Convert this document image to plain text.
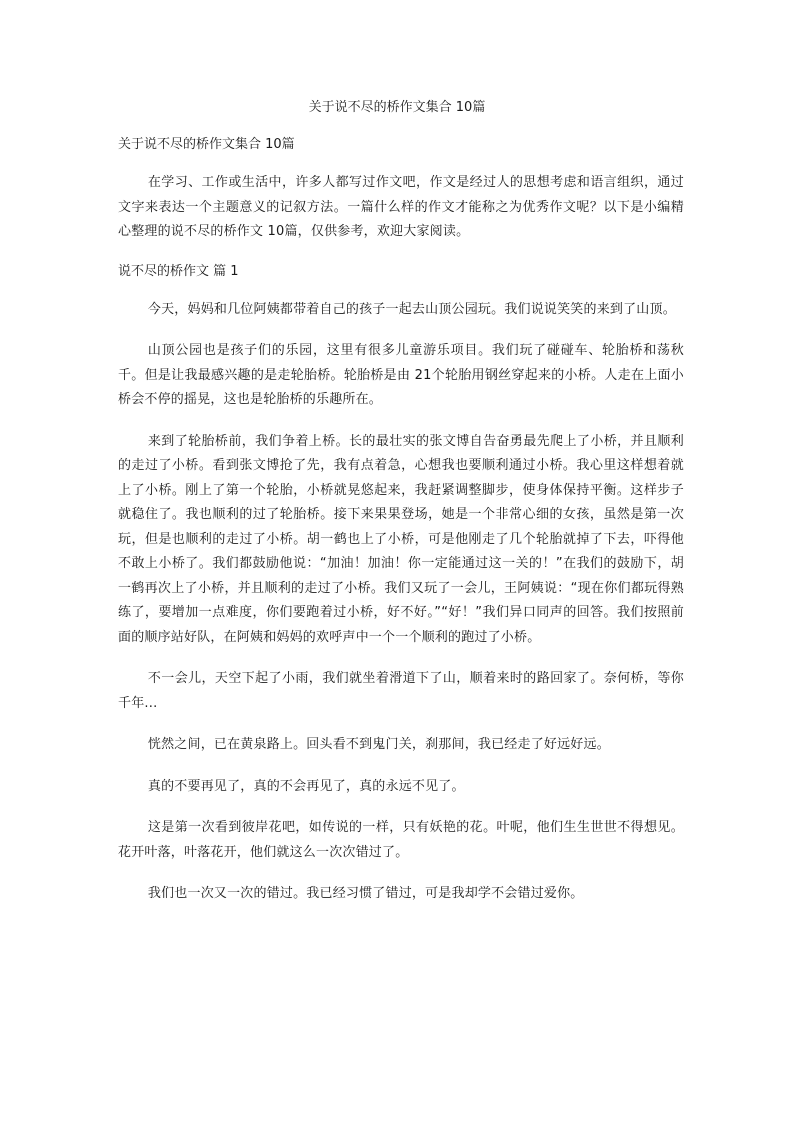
关于说不尽的桥作文集合 10篇
关于说不尽的桥作文集合 10篇

在学习、工作或生活中，许多人都写过作文吧，作文是经过人的思想考虑和语言组织，通过文字来表达一个主题意义的记叙方法。一篇什么样的作文才能称之为优秀作文呢？以下是小编精心整理的说不尽的桥作文 10篇，仅供参考，欢迎大家阅读。

说不尽的桥作文 篇 1

今天，妈妈和几位阿姨都带着自己的孩子一起去山顶公园玩。我们说说笑笑的来到了山顶。

山顶公园也是孩子们的乐园，这里有很多儿童游乐项目。我们玩了碰碰车、轮胎桥和荡秋千。但是让我最感兴趣的是走轮胎桥。轮胎桥是由 21个轮胎用钢丝穿起来的小桥。人走在上面小桥会不停的摇晃，这也是轮胎桥的乐趣所在。

来到了轮胎桥前，我们争着上桥。长的最壮实的张文博自告奋勇最先爬上了小桥，并且顺利的走过了小桥。看到张文博抢了先，我有点着急，心想我也要顺利通过小桥。我心里这样想着就上了小桥。刚上了第一个轮胎，小桥就晃悠起来，我赶紧调整脚步，使身体保持平衡。这样步子就稳住了。我也顺利的过了轮胎桥。接下来果果登场，她是一个非常心细的女孩，虽然是第一次玩，但是也顺利的走过了小桥。胡一鹤也上了小桥，可是他刚走了几个轮胎就掉了下去，吓得他不敢上小桥了。我们都鼓励他说：“加油！加油！你一定能通过这一关的！”在我们的鼓励下，胡一鹤再次上了小桥，并且顺利的走过了小桥。我们又玩了一会儿，王阿姨说：“现在你们都玩得熟练了，要增加一点难度，你们要跑着过小桥，好不好。”“好！”我们异口同声的回答。我们按照前面的顺序站好队，在阿姨和妈妈的欢呼声中一个一个顺利的跑过了小桥。

不一会儿，天空下起了小雨，我们就坐着滑道下了山，顺着来时的路回家了。奈何桥，等你千年...

恍然之间，已在黄泉路上。回头看不到鬼门关，刹那间，我已经走了好远好远。

真的不要再见了，真的不会再见了，真的永远不见了。

这是第一次看到彼岸花吧，如传说的一样，只有妖艳的花。叶呢，他们生生世世不得想见。花开叶落，叶落花开，他们就这么一次次错过了。

我们也一次又一次的错过。我已经习惯了错过，可是我却学不会错过爱你。
